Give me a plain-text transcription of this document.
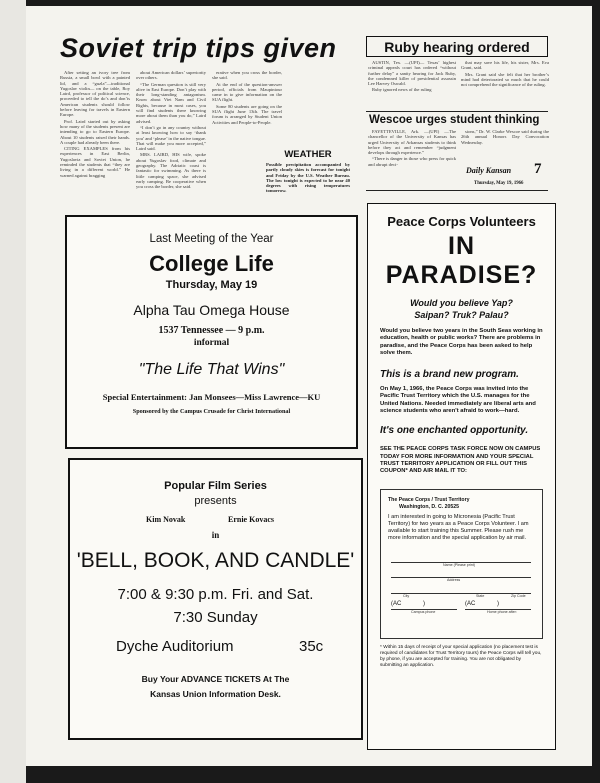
Soviet trip tips given

After setting an ivory tree from Russia, a small bowl with a painted lid, and a “guzla”—traditional Yugoslav violin— on the table, Roy Laird, professor of political science, proceeded to tell the do’s and don’ts American students should follow before leaving for travels in Eastern Europe.

Prof. Laird started out by asking how many of the students present are intending to go to Eastern Europe. About 10 students raised their hands. A couple had already been there.

CITING EXAMPLES from his experiences in East Berlin, Yugoslavia and Soviet Union, he reminded the students that “they are living in a different world.” He warned against bragging

about American dollars’ superiority over others.

“The German question is still very alive in East Europe. Don’t play with their long-standing antagonism. Know about Viet Nam and Civil Rights, because in most cases, you will find students there knowing more about them than you do,” Laird advised.

“I don’t go in any country without at least knowing how to say ‘thank you’ and ‘please’ in the native tongue. That will make you more accepted,” Laird said.

MRS. LAIRD, HIS wife, spoke about Yugoslav food, climate and geography. The Adriatic coast is fantastic for swimming. As there is little camping space, she advised early camping. Be cooperative when you cross the border, she said.

erative when you cross the border, she said.

At the end of the question-answer period, officials from Maupintour came in to give information on the SUA flight.

Some 80 students are going on the SUA flight June 13th. The travel forum is arranged by Student Union Activities and People-to-People.

WEATHER
Possible precipitation accompanied by partly cloudy skies is forecast for tonight and Friday by the U.S. Weather Bureau. The low tonight is expected to be near 40 degrees with rising temperatures tomorrow.
Ruby hearing ordered

AUSTIN, Tex. —(UPI)— Texas’ highest criminal appeals court has ordered “without further delay” a sanity hearing for Jack Ruby, the condemned killer of presidential assassin Lee Harvey Oswald.

Ruby ignored news of the ruling

that may save his life, his sister, Mrs. Eva Grant, said.

Mrs. Grant said she felt that her brother’s mind had deteriorated so much that he could not comprehend the significance of the ruling.

Wescoe urges student thinking

FAYETTEVILLE, Ark. —(UPI) —The chancellor of the University of Kansas has urged University of Arkansas students to think before they act and remember “judgment develops through experience.”

“There is danger in those who press for quick and abrupt deci-

sions,” Dr. W. Clarke Wescoe said during the 26th annual Honors Day Convocation Wednesday.

Daily Kansan 7
Thursday, May 19, 1966
Last Meeting of the Year
College Life
Thursday, May 19
Alpha Tau Omega House
1537 Tennessee — 9 p.m.
informal
"The Life That Wins"
Special Entertainment: Jan Monsees—Miss Lawrence—KU
Sponsored by the Campus Crusade for Christ International
Popular Film Series
presents
Kim Novak	Ernie Kovacs
in
'BELL, BOOK, AND CANDLE'
7:00 & 9:30 p.m. Fri. and Sat.
7:30 Sunday
Dyche Auditorium	35c
Buy Your ADVANCE TICKETS At The
Kansas Union Information Desk.
Peace Corps Volunteers
IN PARADISE?
Would you believe Yap?
Saipan? Truk? Palau?
Would you believe two years in the South Seas working in education, health or public works? There are problems in paradise, and the Peace Corps has been asked to help solve them.
This is a brand new program.
On May 1, 1966, the Peace Corps was invited into the Pacific Trust Territory which the U.S. manages for the United Nations. Needed immediately are liberal arts and science students who aren't afraid to work—hard.
It's one enchanted opportunity.
SEE THE PEACE CORPS TASK FORCE NOW ON CAMPUS TODAY FOR MORE INFORMATION AND YOUR SPECIAL TRUST TERRITORY APPLICATION OR FILL OUT THIS COUPON* AND AIR MAIL IT TO:
The Peace Corps / Trust Territory
Washington, D. C. 20525
I am interested in going to Micronesia (Pacific Trust Territory) for two years as a Peace Corps Volunteer. I am available to start training this Summer. Please rush me more information and the special application by air mail.
Name (Please print)
Address
City	State	Zip Code
(AC	)	(AC	)
Campus phone	Home phone after:
* Within 15 days of receipt of your special application (no placement test is required of candidates for Trust Territory tours) the Peace Corps will tell you, by phone, if you are accepted for training. You are not obligated by submitting an application.
